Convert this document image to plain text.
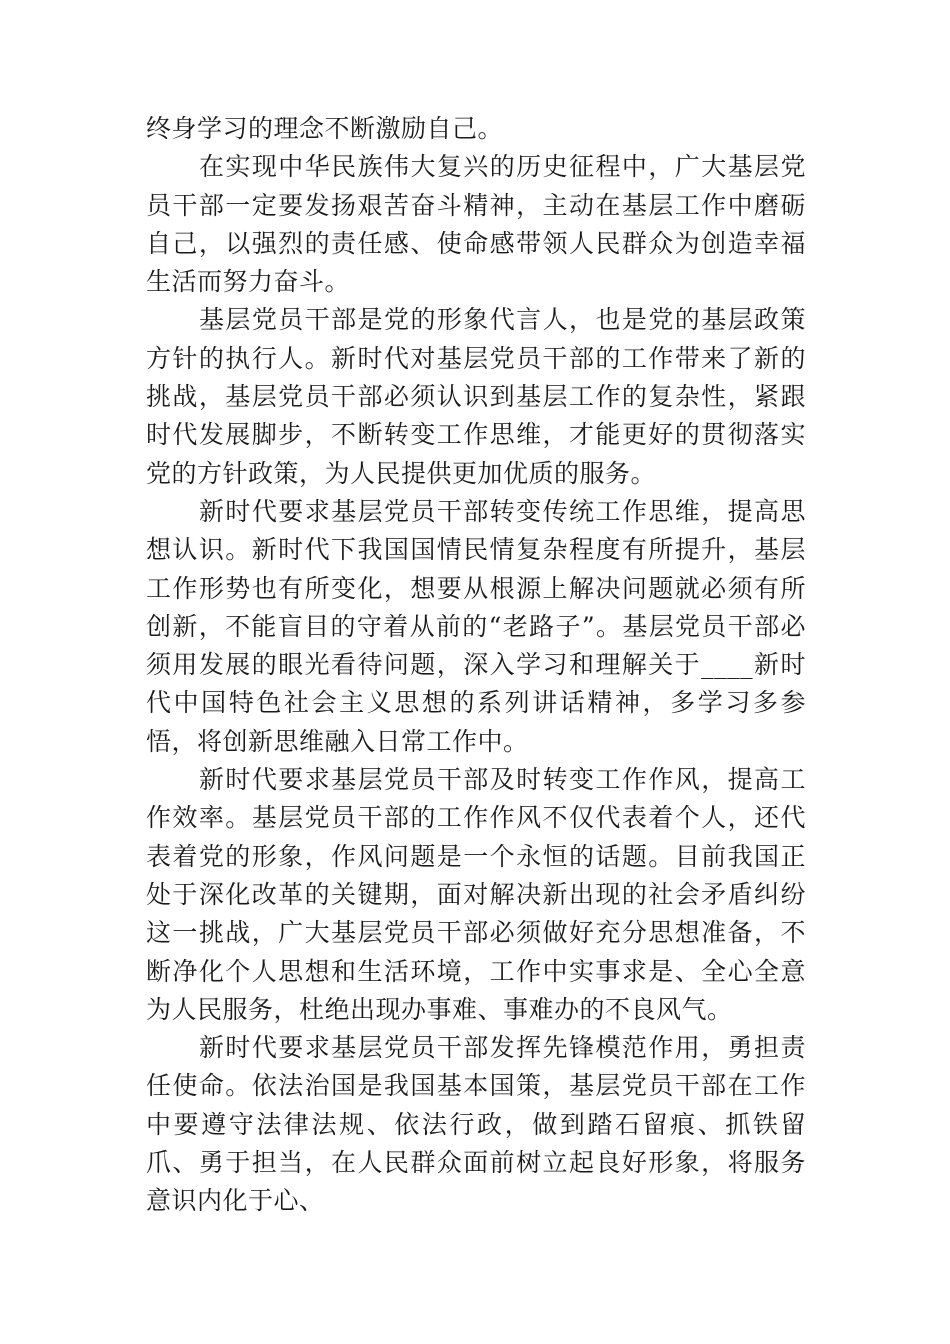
终身学习的理念不断激励自己。

在实现中华民族伟大复兴的历史征程中，广大基层党员干部一定要发扬艰苦奋斗精神，主动在基层工作中磨砺自己，以强烈的责任感、使命感带领人民群众为创造幸福生活而努力奋斗。

基层党员干部是党的形象代言人，也是党的基层政策方针的执行人。新时代对基层党员干部的工作带来了新的挑战，基层党员干部必须认识到基层工作的复杂性，紧跟时代发展脚步，不断转变工作思维，才能更好的贯彻落实党的方针政策，为人民提供更加优质的服务。

新时代要求基层党员干部转变传统工作思维，提高思想认识。新时代下我国国情民情复杂程度有所提升，基层工作形势也有所变化，想要从根源上解决问题就必须有所创新，不能盲目的守着从前的“老路子”。基层党员干部必须用发展的眼光看待问题，深入学习和理解关于____新时代中国特色社会主义思想的系列讲话精神，多学习多参悟，将创新思维融入日常工作中。

新时代要求基层党员干部及时转变工作作风，提高工作效率。基层党员干部的工作作风不仅代表着个人，还代表着党的形象，作风问题是一个永恒的话题。目前我国正处于深化改革的关键期，面对解决新出现的社会矛盾纠纷这一挑战，广大基层党员干部必须做好充分思想准备，不断净化个人思想和生活环境，工作中实事求是、全心全意为人民服务，杜绝出现办事难、事难办的不良风气。

新时代要求基层党员干部发挥先锋模范作用，勇担责任使命。依法治国是我国基本国策，基层党员干部在工作中要遵守法律法规、依法行政，做到踏石留痕、抓铁留爪、勇于担当，在人民群众面前树立起良好形象，将服务意识内化于心、
